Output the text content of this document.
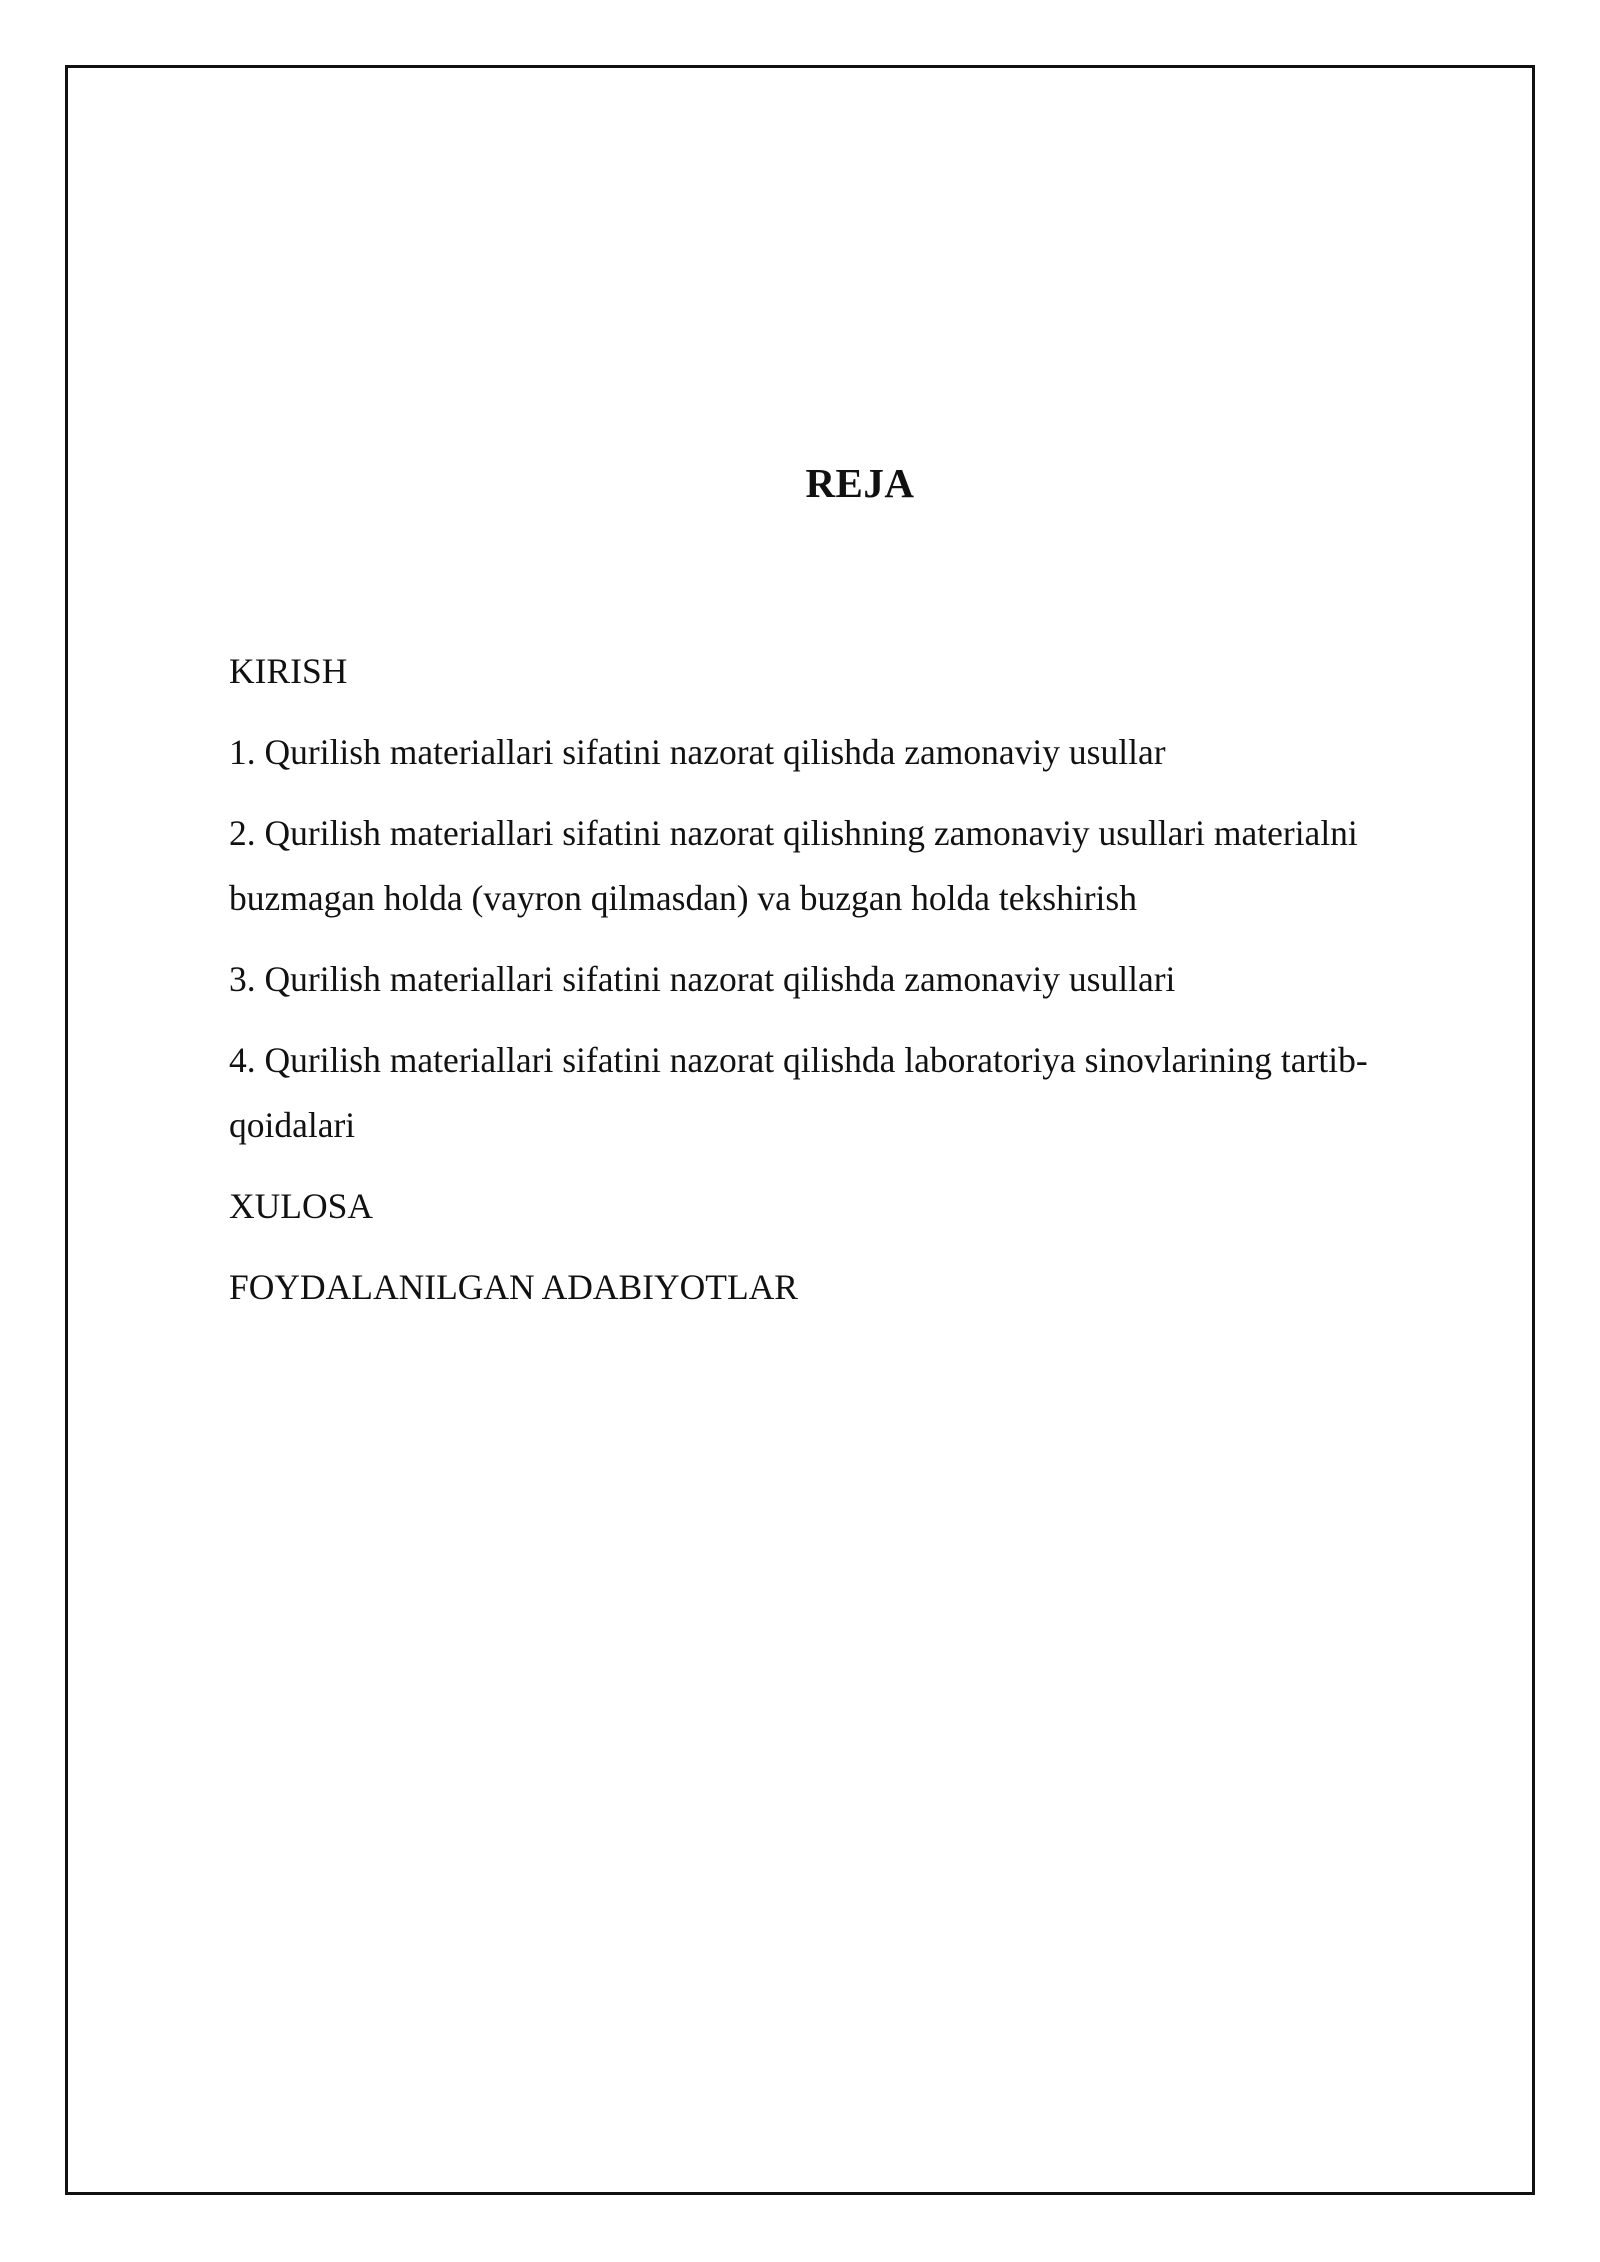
REJA

KIRISH

1. Qurilish materiallari sifatini nazorat qilishda zamonaviy usullar

2. Qurilish materiallari sifatini nazorat qilishning zamonaviy usullari materialni buzmagan holda (vayron qilmasdan) va buzgan holda tekshirish

3. Qurilish materiallari sifatini nazorat qilishda zamonaviy usullari

4. Qurilish materiallari sifatini nazorat qilishda laboratoriya sinovlarining tartib-qoidalari

XULOSA

FOYDALANILGAN ADABIYOTLAR
